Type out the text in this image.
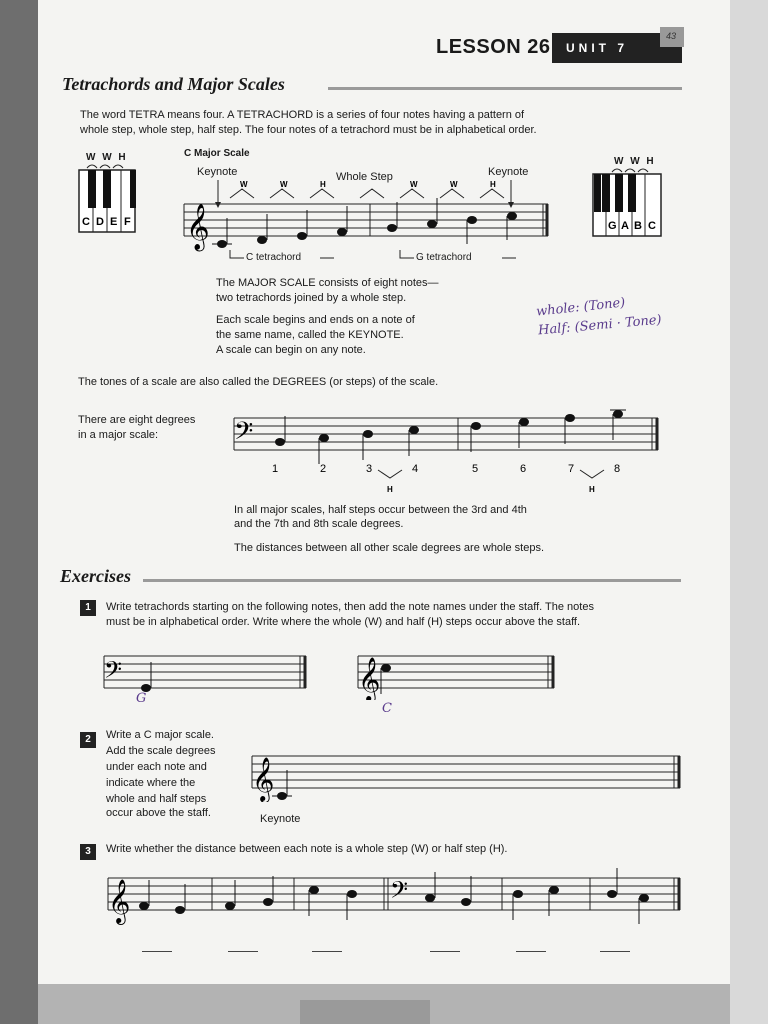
LESSON 26	UNIT 7
43
Tetrachords and Major Scales
The word TETRA means four. A TETRACHORD is a series of four notes having a pattern of
whole step, whole step, half step. The four notes of a tetrachord must be in alphabetical order.
W W H
C D E F
W W H
G A B C
C Major Scale
Keynote	Whole Step	Keynote
W	W	H	W	W	H
𝄞
C tetrachord	G tetrachord
The MAJOR SCALE consists of eight notes—
two tetrachords joined by a whole step.
Each scale begins and ends on a note of
the same name, called the KEYNOTE.
A scale can begin on any note.
whole: (Tone)
Half: (Semi · Tone)
The tones of a scale are also called the DEGREES (or steps) of the scale.
There are eight degrees
in a major scale:	𝄢
1	2	3	4	5	6	7	8
H	H
In all major scales, half steps occur between the 3rd and 4th
and the 7th and 8th scale degrees.
The distances between all other scale degrees are whole steps.
Exercises
1	Write tetrachords starting on the following notes, then add the note names under the staff. The notes
must be in alphabetical order. Write where the whole (W) and half (H) steps occur above the staff.
𝄢
G	𝄞
C
2	Write a C major scale.
Add the scale degrees
under each note and
indicate where the
whole and half steps
occur above the staff.
𝄞
Keynote
3	Write whether the distance between each note is a whole step (W) or half step (H).
𝄞	𝄢
